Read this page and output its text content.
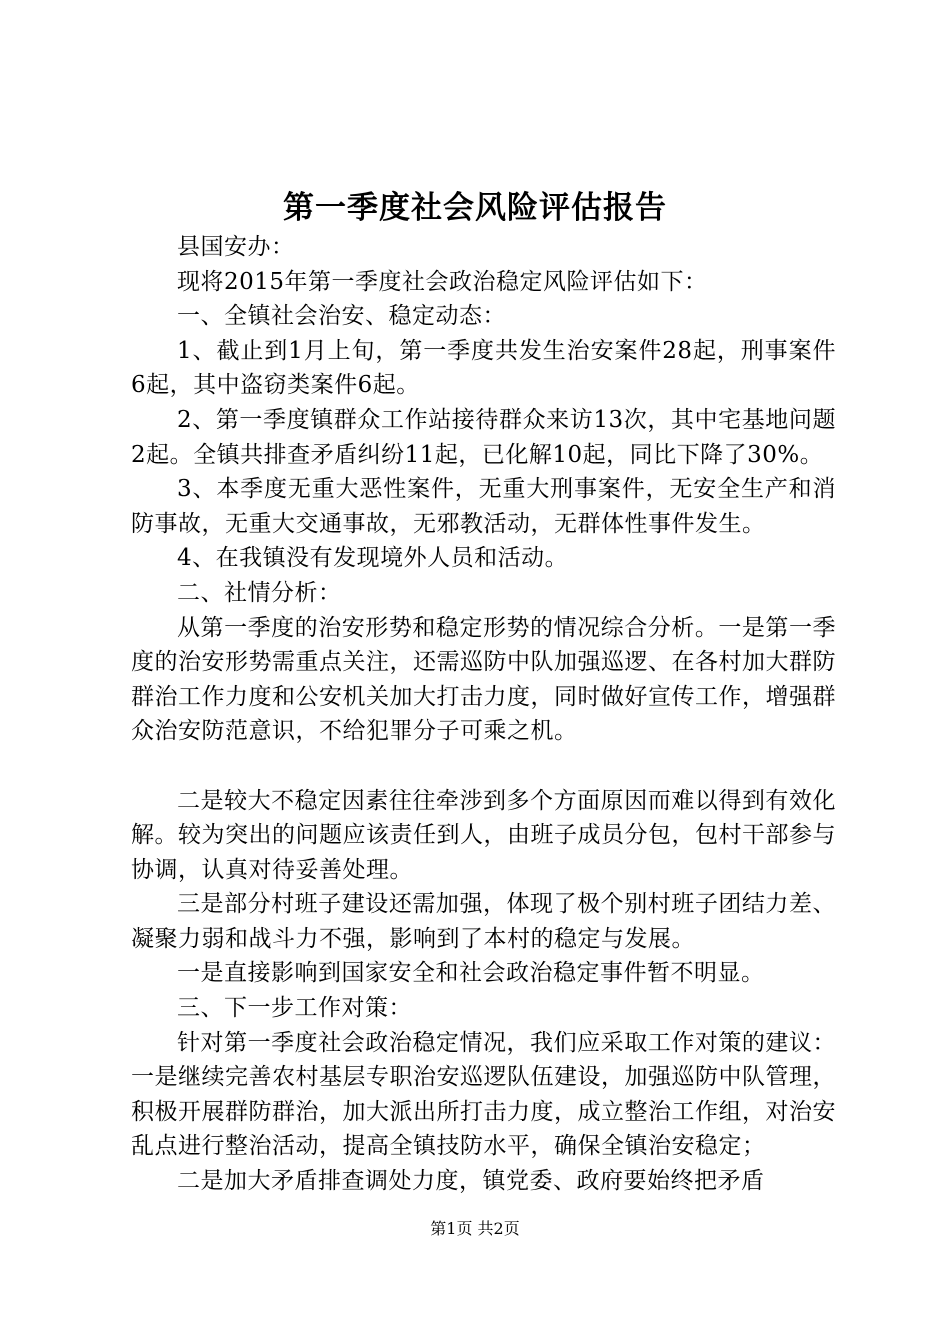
第一季度社会风险评估报告

县国安办：

现将2015年第一季度社会政治稳定风险评估如下：

一、全镇社会治安、稳定动态：

1、截止到1月上旬，第一季度共发生治安案件28起，刑事案件6起，其中盗窃类案件6起。

2、第一季度镇群众工作站接待群众来访13次，其中宅基地问题2起。全镇共排查矛盾纠纷11起，已化解10起，同比下降了30%。

3、本季度无重大恶性案件，无重大刑事案件，无安全生产和消防事故，无重大交通事故，无邪教活动，无群体性事件发生。

4、在我镇没有发现境外人员和活动。

二、社情分析：

从第一季度的治安形势和稳定形势的情况综合分析。一是第一季度的治安形势需重点关注，还需巡防中队加强巡逻、在各村加大群防群治工作力度和公安机关加大打击力度，同时做好宣传工作，增强群众治安防范意识，不给犯罪分子可乘之机。

二是较大不稳定因素往往牵涉到多个方面原因而难以得到有效化解。较为突出的问题应该责任到人，由班子成员分包，包村干部参与协调，认真对待妥善处理。

三是部分村班子建设还需加强，体现了极个别村班子团结力差、凝聚力弱和战斗力不强，影响到了本村的稳定与发展。

一是直接影响到国家安全和社会政治稳定事件暂不明显。

三、下一步工作对策：

针对第一季度社会政治稳定情况，我们应采取工作对策的建议：一是继续完善农村基层专职治安巡逻队伍建设，加强巡防中队管理，积极开展群防群治，加大派出所打击力度，成立整治工作组，对治安乱点进行整治活动，提高全镇技防水平，确保全镇治安稳定；

二是加大矛盾排查调处力度，镇党委、政府要始终把矛盾

第1页 共2页
